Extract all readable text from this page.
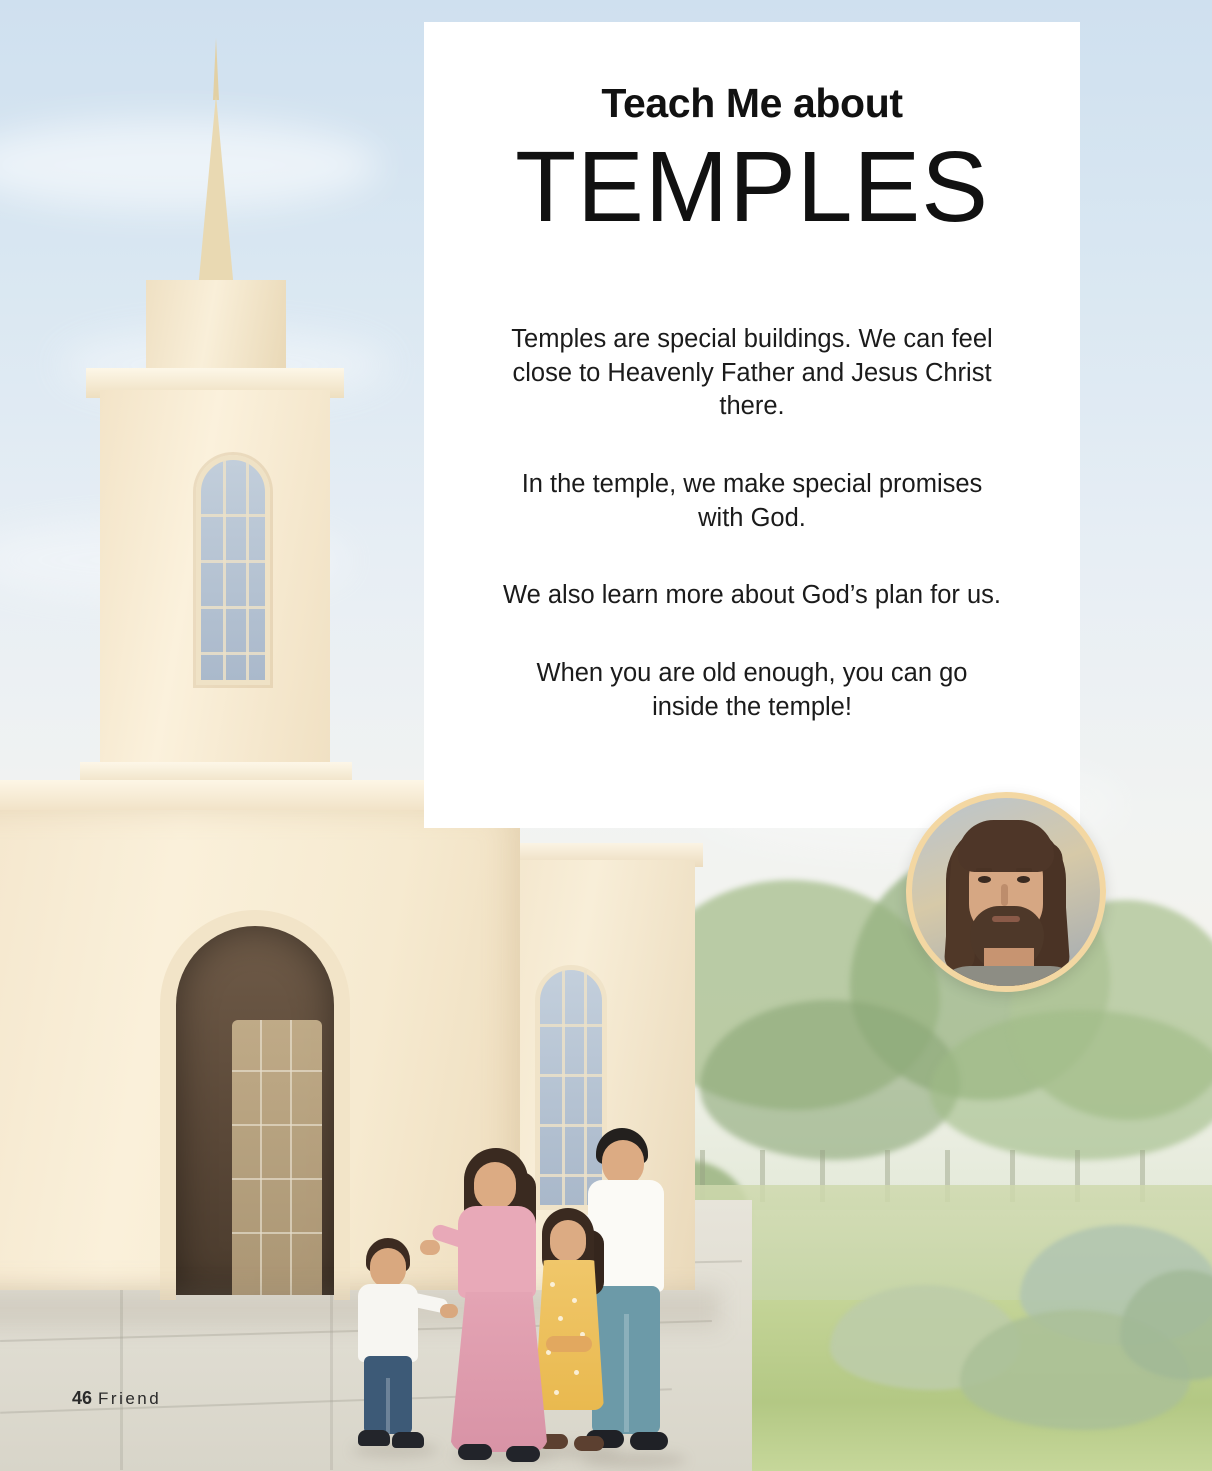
Teach Me about
TEMPLES

Temples are special buildings. We can feel close to Heavenly Father and Jesus Christ there.

In the temple, we make special promises with God.

We also learn more about God’s plan for us.

When you are old enough, you can go inside the temple!

46 Friend
